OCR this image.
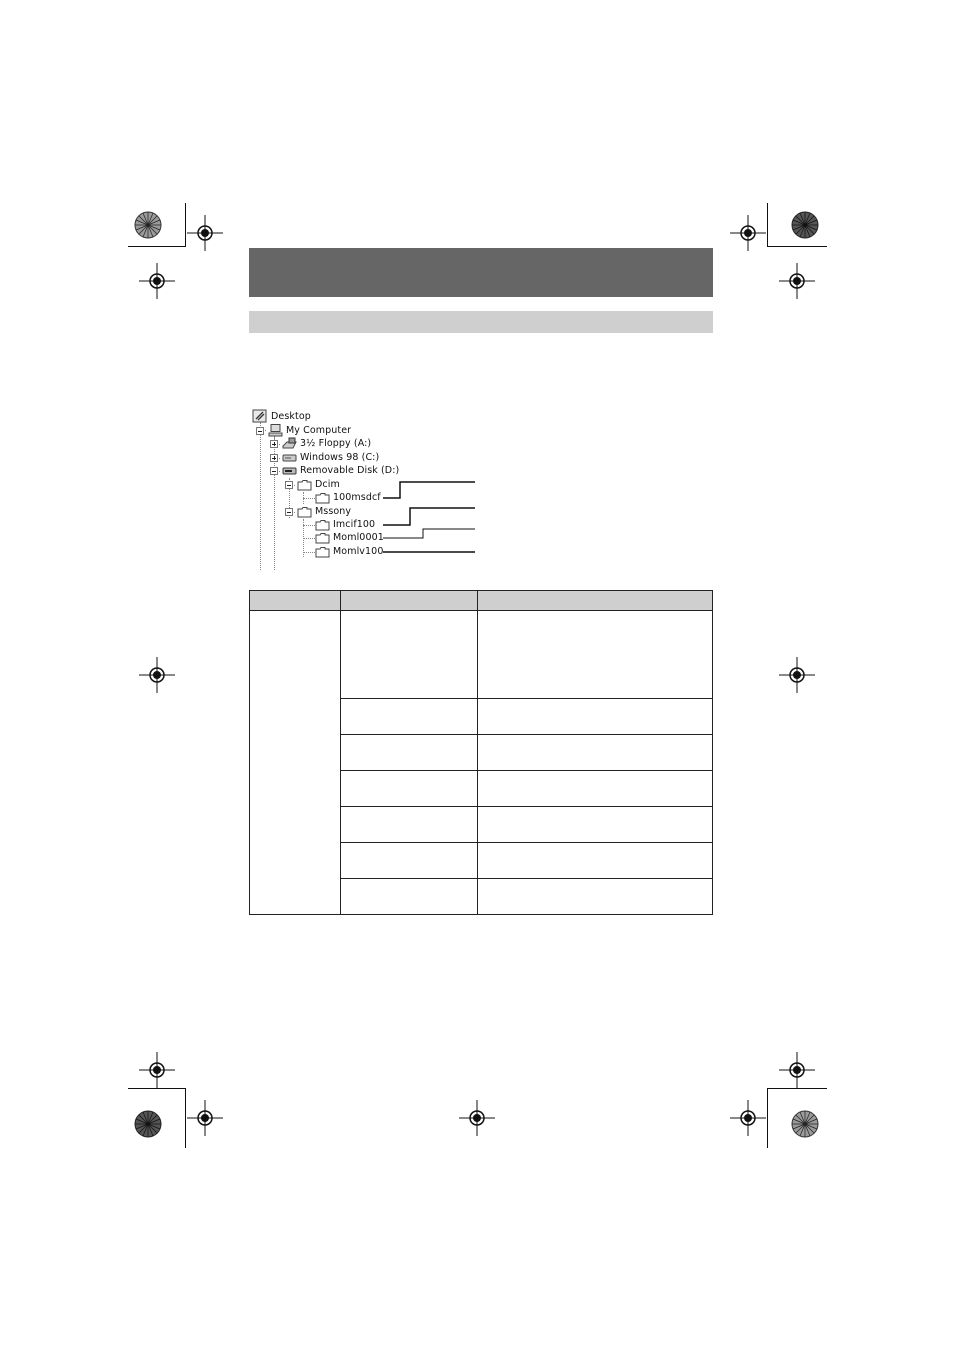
Desktop
My Computer
3½ Floppy (A:)
Windows 98 (C:)
Removable Disk (D:)
Dcim
100msdcf
Mssony
Imcif100
Moml0001
Momlv100
